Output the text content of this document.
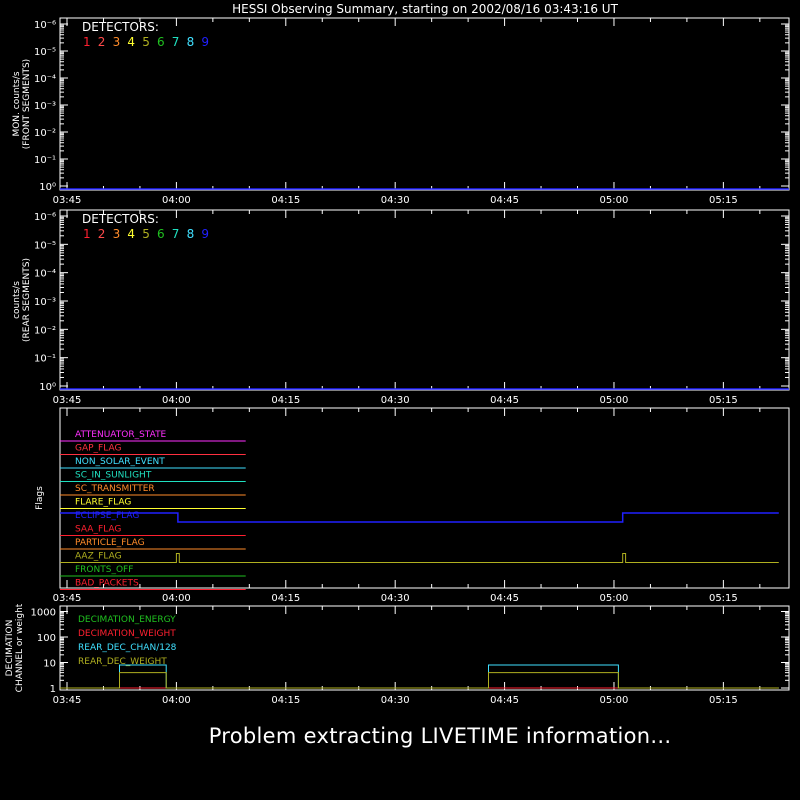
HESSI Observing Summary, starting on 2002/08/16 03:43:16 UT
10⁰
10⁻¹
10⁻²
10⁻³
10⁻⁴
10⁻⁵
10⁻⁶
03:45	04:00	04:15	04:30	04:45	05:00	05:15
DETECTORS:
1 2 3 4 5 6 7 8 9
MON. counts/s (FRONT SEGMENTS)
10⁰
10⁻¹
10⁻²
10⁻³
10⁻⁴
10⁻⁵
10⁻⁶
03:45	04:00	04:15	04:30	04:45	05:00	05:15
DETECTORS:
1 2 3 4 5 6 7 8 9
counts/s (REAR SEGMENTS)
03:45	04:00	04:15	04:30	04:45	05:00	05:15
Flags
ATTENUATOR_STATE
GAP_FLAG
NON_SOLAR_EVENT
SC_IN_SUNLIGHT
SC_TRANSMITTER
FLARE_FLAG
ECLIPSE_FLAG
SAA_FLAG
PARTICLE_FLAG
AAZ_FLAG
FRONTS_OFF
BAD_PACKETS
03:45	04:00	04:15	04:30	04:45	05:00	05:15
1
10
100
1000
DECIMATION CHANNEL or weight	DECIMATION_ENERGY
DECIMATION_WEIGHT
REAR_DEC_CHAN/128
REAR_DEC_WEIGHT
Problem extracting LIVETIME information...
